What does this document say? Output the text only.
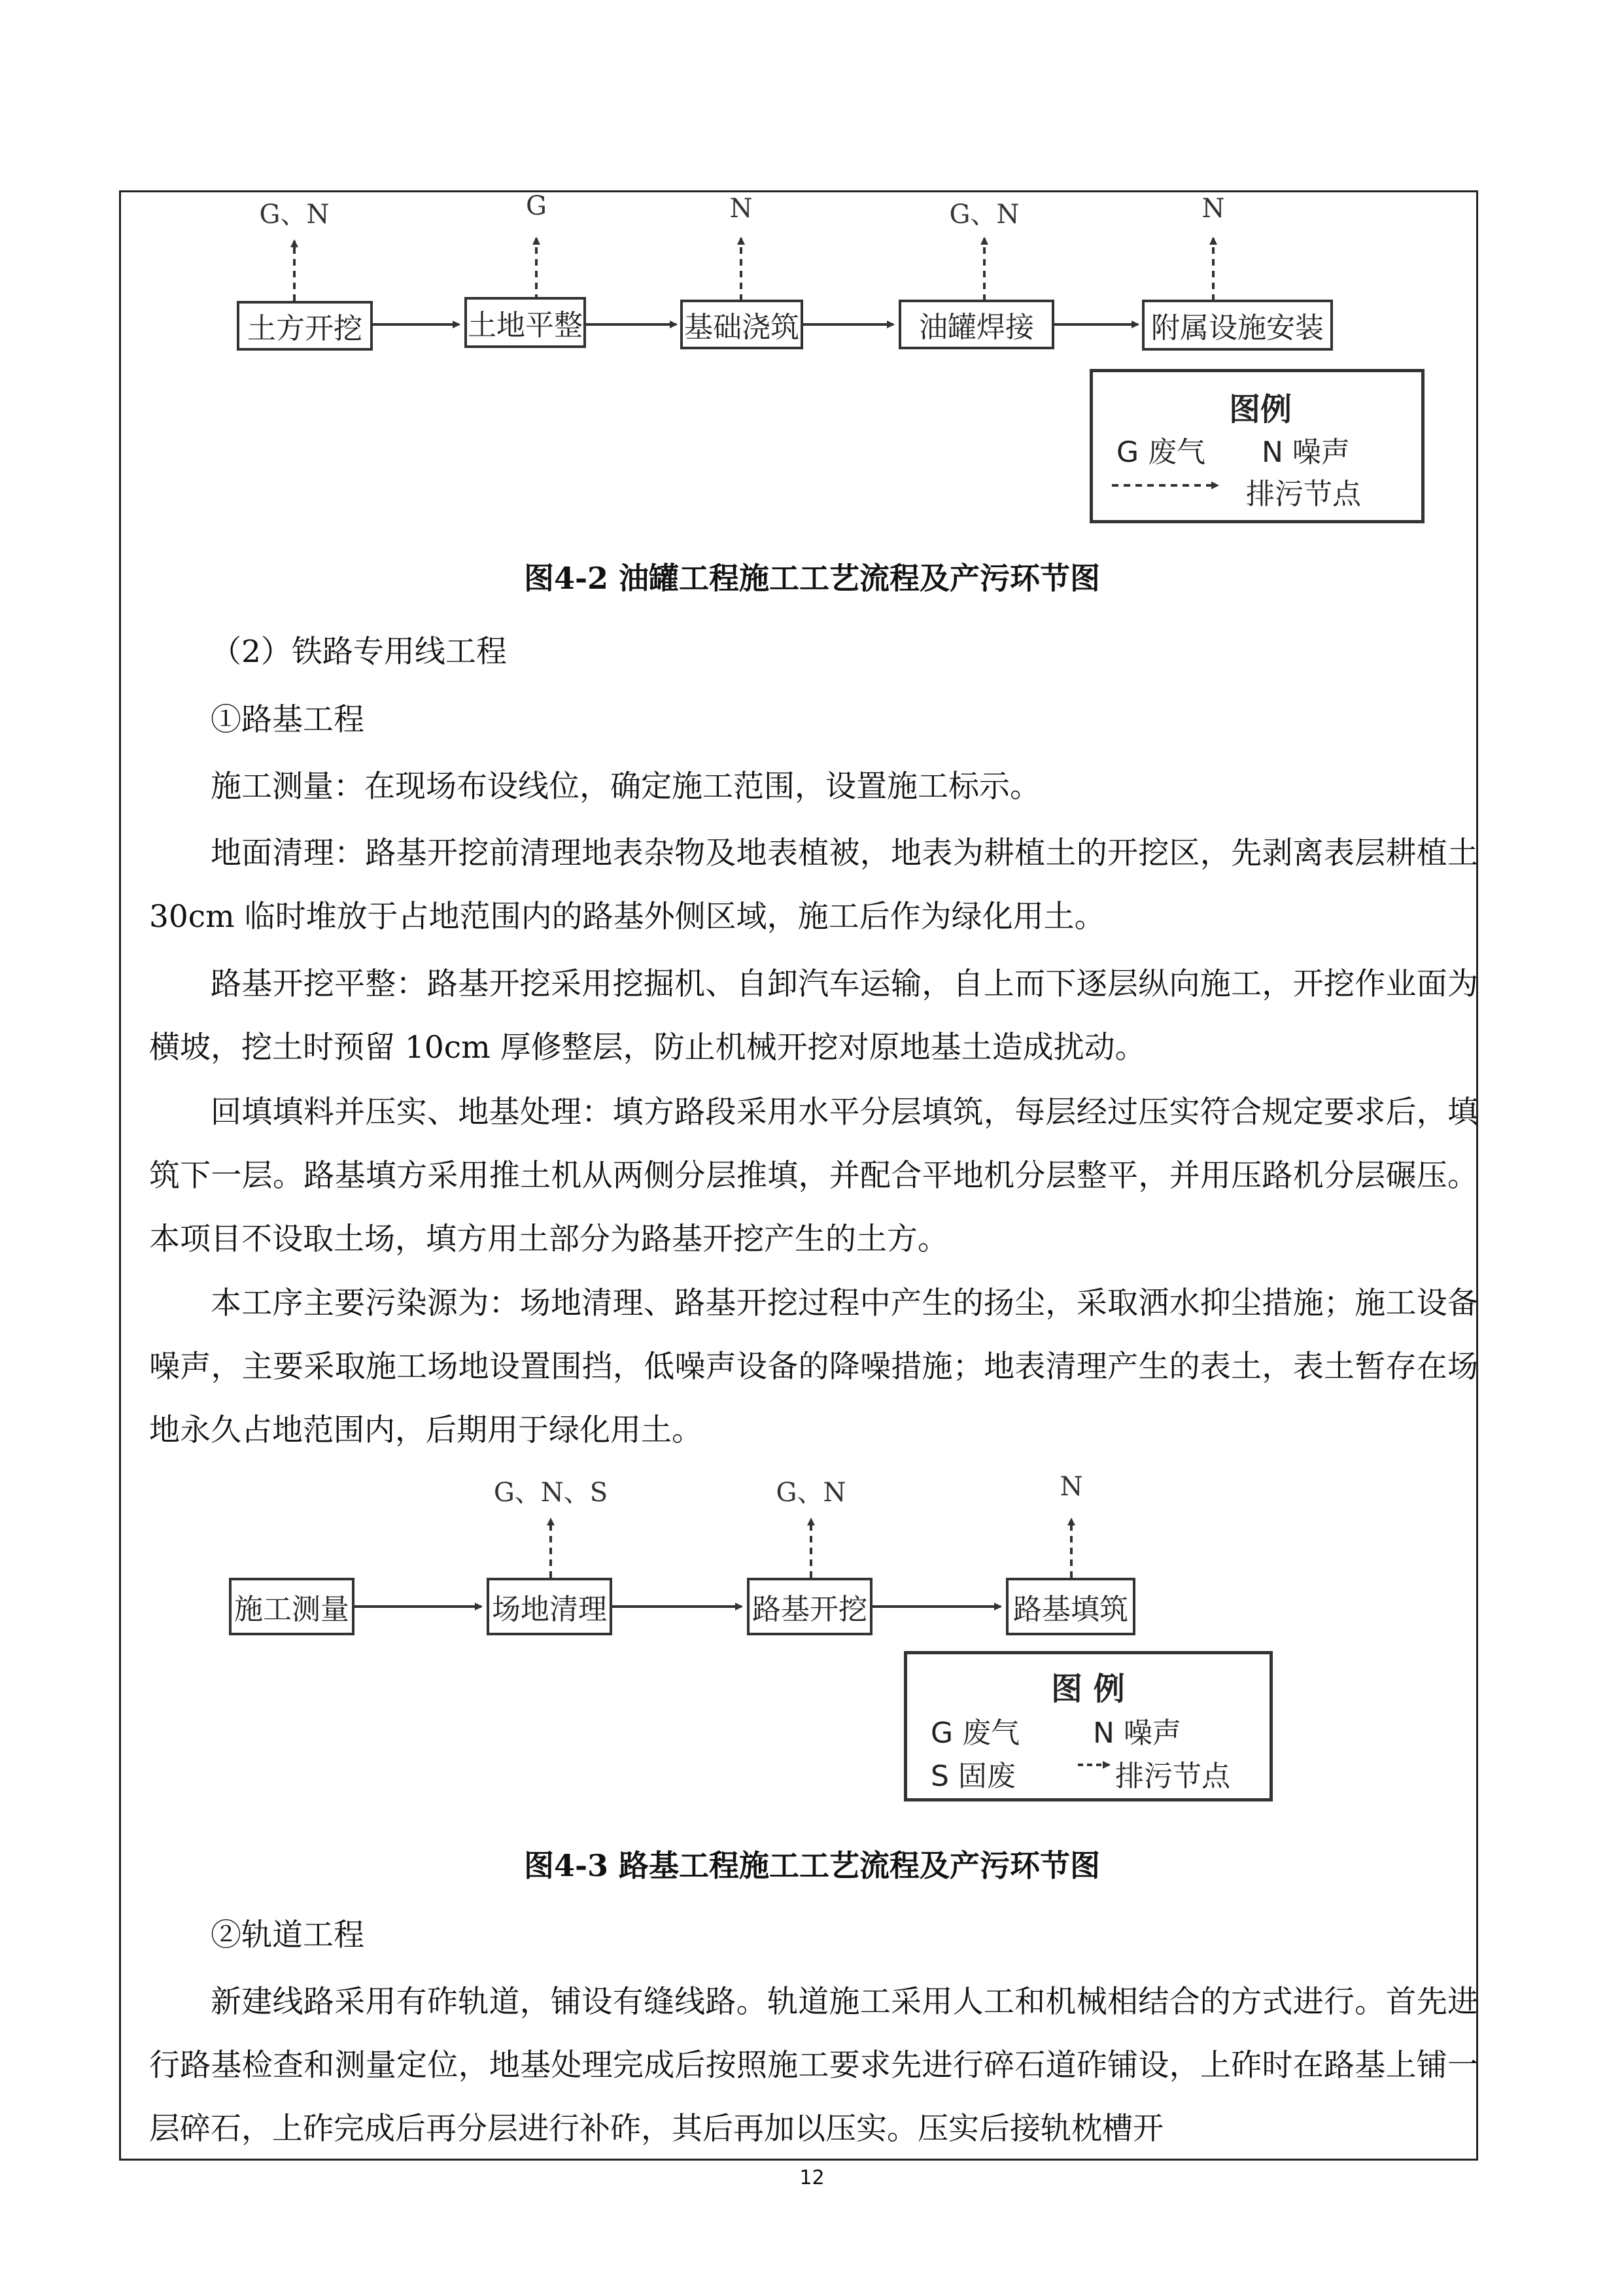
G、N	G	N	G、N	N
土方开挖	土地平整	基础浇筑	油罐焊接	附属设施安装
图例
G 废气 N 噪声
排污节点
图4-2 油罐工程施工工艺流程及产污环节图

（2）铁路专用线工程

①路基工程

施工测量：在现场布设线位，确定施工范围，设置施工标示。

地面清理：路基开挖前清理地表杂物及地表植被，地表为耕植土的开挖区，先剥离表层耕植土 30cm 临时堆放于占地范围内的路基外侧区域，施工后作为绿化用土。

路基开挖平整：路基开挖采用挖掘机、自卸汽车运输，自上而下逐层纵向施工，开挖作业面为横坡，挖土时预留 10cm 厚修整层，防止机械开挖对原地基土造成扰动。

回填填料并压实、地基处理：填方路段采用水平分层填筑，每层经过压实符合规定要求后，填筑下一层。路基填方采用推土机从两侧分层推填，并配合平地机分层整平，并用压路机分层碾压。本项目不设取土场，填方用土部分为路基开挖产生的土方。

本工序主要污染源为：场地清理、路基开挖过程中产生的扬尘，采取洒水抑尘措施；施工设备噪声，主要采取施工场地设置围挡，低噪声设备的降噪措施；地表清理产生的表土，表土暂存在场地永久占地范围内，后期用于绿化用土。

G、N、S	G、N	N
施工测量	场地清理	路基开挖	路基填筑
图 例
G 废气	N 噪声
S 固废	排污节点
图4-3 路基工程施工工艺流程及产污环节图

②轨道工程

新建线路采用有砟轨道，铺设有缝线路。轨道施工采用人工和机械相结合的方式进行。首先进行路基检查和测量定位，地基处理完成后按照施工要求先进行碎石道砟铺设，上砟时在路基上铺一层碎石，上砟完成后再分层进行补砟，其后再加以压实。压实后接轨枕槽开

12
